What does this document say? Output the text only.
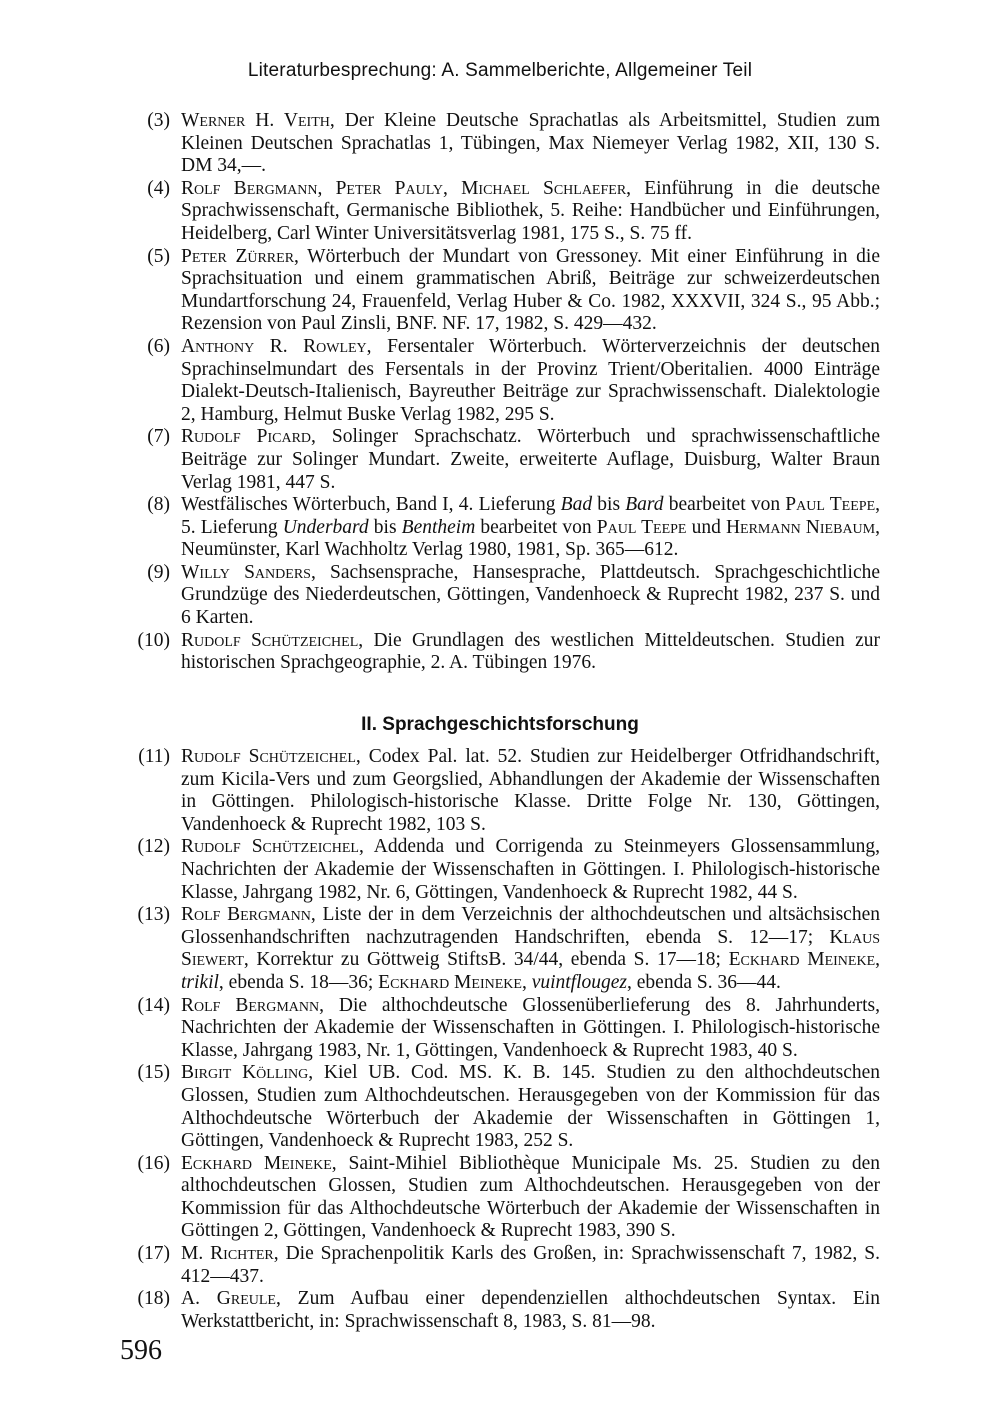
Literaturbesprechung: A. Sammelberichte, Allgemeiner Teil

(3) Werner H. Veith, Der Kleine Deutsche Sprachatlas als Arbeitsmittel, Studien zum Kleinen Deutschen Sprachatlas 1, Tübingen, Max Niemeyer Verlag 1982, XII, 130 S. DM 34,—.

(4) Rolf Bergmann, Peter Pauly, Michael Schlaefer, Einführung in die deutsche Sprachwissenschaft, Germanische Bibliothek, 5. Reihe: Handbücher und Einführungen, Heidelberg, Carl Winter Universitätsverlag 1981, 175 S., S. 75 ff.

(5) Peter Zürrer, Wörterbuch der Mundart von Gressoney. Mit einer Einführung in die Sprachsituation und einem grammatischen Abriß, Beiträge zur schweizerdeutschen Mundartforschung 24, Frauenfeld, Verlag Huber & Co. 1982, XXXVII, 324 S., 95 Abb.; Rezension von Paul Zinsli, BNF. NF. 17, 1982, S. 429—432.

(6) Anthony R. Rowley, Fersentaler Wörterbuch. Wörterverzeichnis der deutschen Sprachinselmundart des Fersentals in der Provinz Trient/Oberitalien. 4000 Einträge Dialekt-Deutsch-Italienisch, Bayreuther Beiträge zur Sprachwissenschaft. Dialektologie 2, Hamburg, Helmut Buske Verlag 1982, 295 S.

(7) Rudolf Picard, Solinger Sprachschatz. Wörterbuch und sprachwissenschaftliche Beiträge zur Solinger Mundart. Zweite, erweiterte Auflage, Duisburg, Walter Braun Verlag 1981, 447 S.

(8) Westfälisches Wörterbuch, Band I, 4. Lieferung Bad bis Bard bearbeitet von Paul Teepe, 5. Lieferung Underbard bis Bentheim bearbeitet von Paul Teepe und Hermann Niebaum, Neumünster, Karl Wachholtz Verlag 1980, 1981, Sp. 365—612.

(9) Willy Sanders, Sachsensprache, Hansesprache, Plattdeutsch. Sprachgeschichtliche Grundzüge des Niederdeutschen, Göttingen, Vandenhoeck & Ruprecht 1982, 237 S. und 6 Karten.

(10) Rudolf Schützeichel, Die Grundlagen des westlichen Mitteldeutschen. Studien zur historischen Sprachgeographie, 2. A. Tübingen 1976.

II. Sprachgeschichtsforschung

(11) Rudolf Schützeichel, Codex Pal. lat. 52. Studien zur Heidelberger Otfridhandschrift, zum Kicila-Vers und zum Georgslied, Abhandlungen der Akademie der Wissenschaften in Göttingen. Philologisch-historische Klasse. Dritte Folge Nr. 130, Göttingen, Vandenhoeck & Ruprecht 1982, 103 S.

(12) Rudolf Schützeichel, Addenda und Corrigenda zu Steinmeyers Glossensammlung, Nachrichten der Akademie der Wissenschaften in Göttingen. I. Philologisch-historische Klasse, Jahrgang 1982, Nr. 6, Göttingen, Vandenhoeck & Ruprecht 1982, 44 S.

(13) Rolf Bergmann, Liste der in dem Verzeichnis der althochdeutschen und altsächsischen Glossenhandschriften nachzutragenden Handschriften, ebenda S. 12—17; Klaus Siewert, Korrektur zu Göttweig StiftsB. 34/44, ebenda S. 17—18; Eckhard Meineke, trikil, ebenda S. 18—36; Eckhard Meineke, vuintflougez, ebenda S. 36—44.

(14) Rolf Bergmann, Die althochdeutsche Glossenüberlieferung des 8. Jahrhunderts, Nachrichten der Akademie der Wissenschaften in Göttingen. I. Philologisch-historische Klasse, Jahrgang 1983, Nr. 1, Göttingen, Vandenhoeck & Ruprecht 1983, 40 S.

(15) Birgit Kölling, Kiel UB. Cod. MS. K. B. 145. Studien zu den althochdeutschen Glossen, Studien zum Althochdeutschen. Herausgegeben von der Kommission für das Althochdeutsche Wörterbuch der Akademie der Wissenschaften in Göttingen 1, Göttingen, Vandenhoeck & Ruprecht 1983, 252 S.

(16) Eckhard Meineke, Saint-Mihiel Bibliothèque Municipale Ms. 25. Studien zu den althochdeutschen Glossen, Studien zum Althochdeutschen. Herausgegeben von der Kommission für das Althochdeutsche Wörterbuch der Akademie der Wissenschaften in Göttingen 2, Göttingen, Vandenhoeck & Ruprecht 1983, 390 S.

(17) M. Richter, Die Sprachenpolitik Karls des Großen, in: Sprachwissenschaft 7, 1982, S. 412—437.

(18) A. Greule, Zum Aufbau einer dependenziellen althochdeutschen Syntax. Ein Werkstattbericht, in: Sprachwissenschaft 8, 1983, S. 81—98.

596
